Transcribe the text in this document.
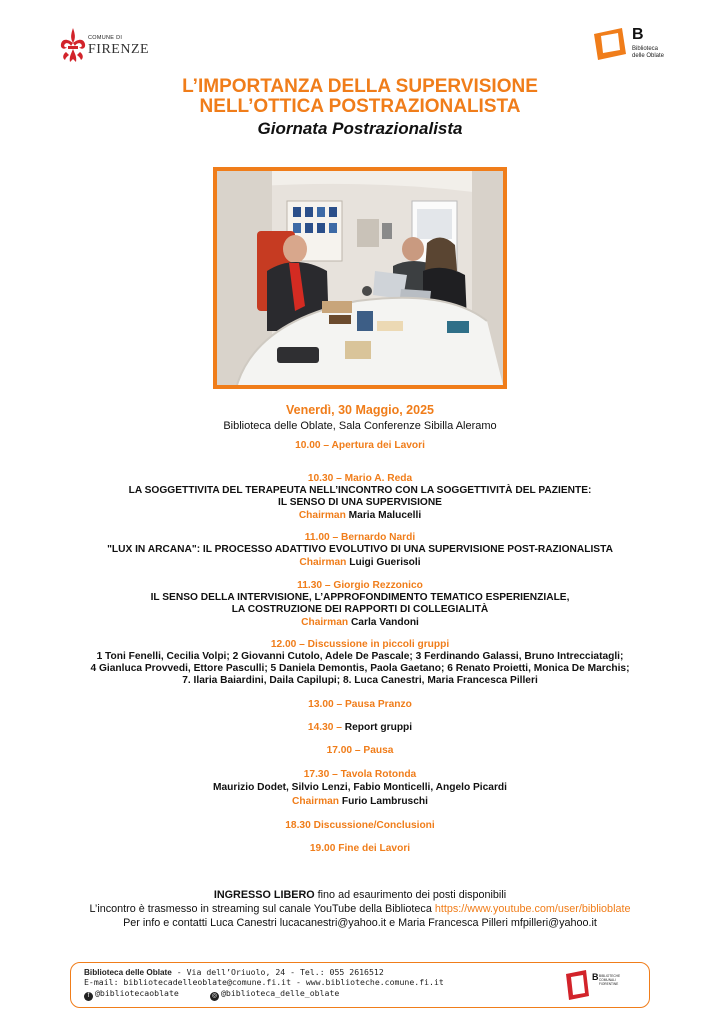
COMUNE DI
FIRENZE
B
Biblioteca
delle Oblate
L’IMPORTANZA DELLA SUPERVISIONE
NELL’OTTICA POSTRAZIONALISTA
Giornata Postrazionalista
Venerdì, 30 Maggio, 2025
Biblioteca delle Oblate, Sala Conferenze Sibilla Aleramo
10.00 – Apertura dei Lavori
10.30 – Mario A. Reda
LA SOGGETTIVITA DEL TERAPEUTA NELL’INCONTRO CON LA SOGGETTIVITÀ DEL PAZIENTE:
IL SENSO DI UNA SUPERVISIONE
Chairman Maria Malucelli
11.00 – Bernardo Nardi
"LUX IN ARCANA": IL PROCESSO ADATTIVO EVOLUTIVO DI UNA SUPERVISIONE POST-RAZIONALISTA
Chairman Luigi Guerisoli
11.30 – Giorgio Rezzonico
IL SENSO DELLA INTERVISIONE, L’APPROFONDIMENTO TEMATICO ESPERIENZIALE,
LA COSTRUZIONE DEI RAPPORTI DI COLLEGIALITÀ
Chairman Carla Vandoni
12.00 – Discussione in piccoli gruppi
1 Toni Fenelli, Cecilia Volpi; 2 Giovanni Cutolo, Adele De Pascale; 3 Ferdinando Galassi, Bruno Intrecciatagli;
4 Gianluca Provvedi, Ettore Pasculli; 5 Daniela Demontis, Paola Gaetano; 6 Renato Proietti, Monica De Marchis;
7. Ilaria Baiardini, Daila Capilupi; 8. Luca Canestri, Maria Francesca Pilleri
13.00 – Pausa Pranzo
14.30 – Report gruppi
17.00 – Pausa
17.30 – Tavola Rotonda
Maurizio Dodet, Silvio Lenzi, Fabio Monticelli, Angelo Picardi
Chairman Furio Lambruschi
18.30 Discussione/Conclusioni
19.00 Fine dei Lavori
INGRESSO LIBERO fino ad esaurimento dei posti disponibili
L’incontro è trasmesso in streaming sul canale YouTube della Biblioteca https://www.youtube.com/user/biblioblate
Per info e contatti Luca Canestri lucacanestri@yahoo.it e Maria Francesca Pilleri mfpilleri@yahoo.it
Biblioteca delle Oblate - Via dell’Oriuolo, 24 - Tel.: 055 2616512
E-mail: bibliotecadelleoblate@comune.fi.it - www.biblioteche.comune.fi.it
f @bibliotecaoblate	◎ @biblioteca_delle_oblate
B BIBLIOTECHE
COMUNALI
FIORENTINE
